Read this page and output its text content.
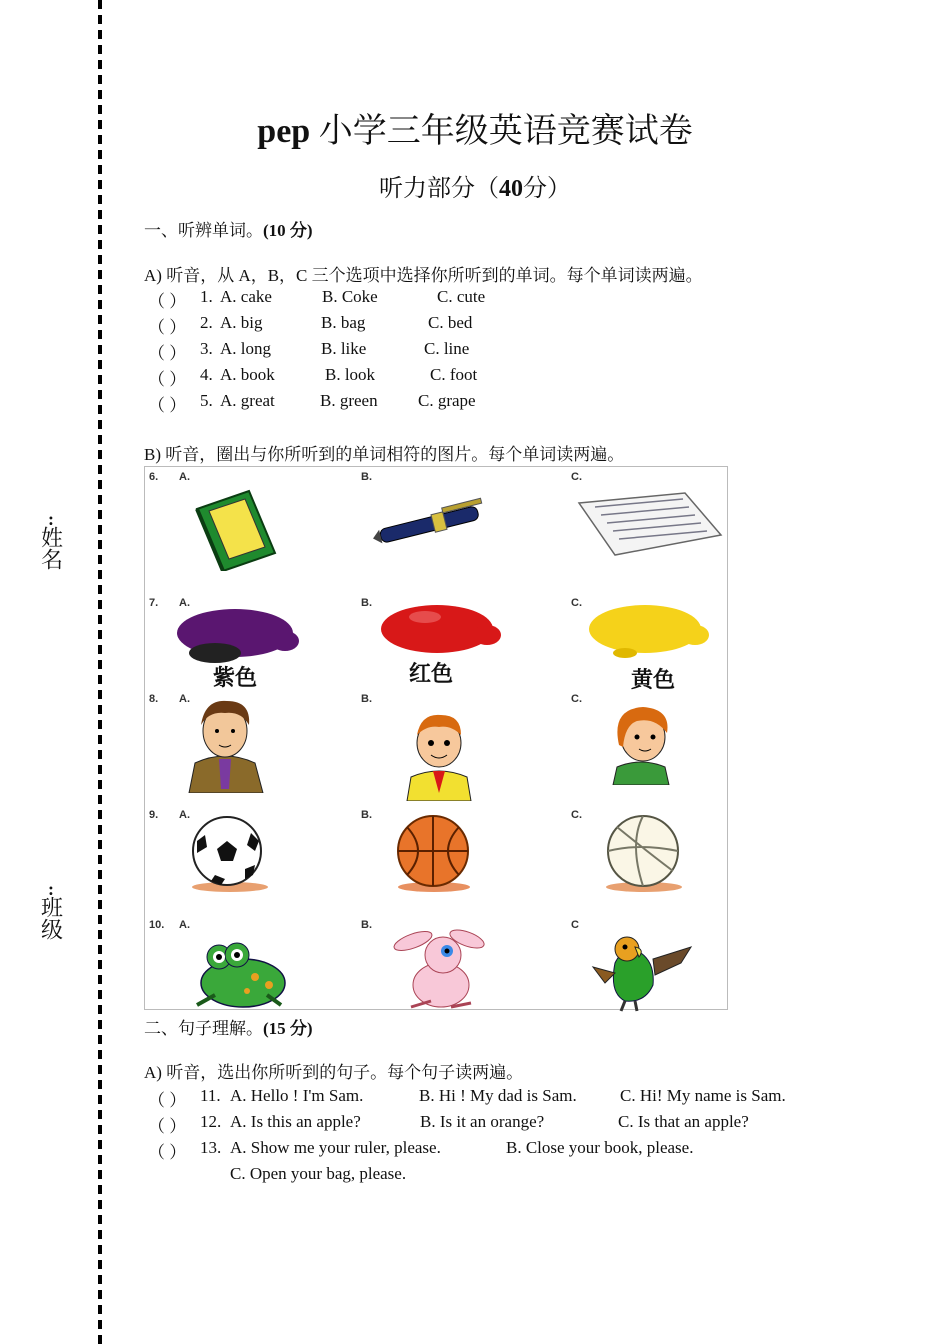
:
姓名
:
班级
pep 小学三年级英语竞赛试卷
听力部分（40分）
一、听辨单词。(10 分)
A) 听音，从 A，B，C 三个选项中选择你所听到的单词。每个单词读两遍。
（ ） 1. A. cake	B. Coke	C. cute
（ ） 2. A. big	B. bag	C. bed
（ ） 3. A. long	B. like	C. line
（ ） 4. A. book	B. look	C. foot
（ ） 5. A. great	B. green C. grape
B) 听音，圈出与你所听到的单词相符的图片。每个单词读两遍。
6. A.	B.	C.
7. A.
紫色
B.
红色
C.
黄色
8. A.	B.	C.
9. A.	B.	C.
10. A.	B.	C
二、句子理解。(15 分)
A) 听音，选出你所听到的句子。每个句子读两遍。
（ ） 11. A. Hello ! I'm Sam.	B. Hi ! My dad is Sam.	C. Hi! My name is Sam.
（ ） 12. A. Is this an apple?	B. Is it an orange?	C. Is that an apple?
（ ） 13. A. Show me your ruler, please.	B. Close your book, please.
C. Open your bag, please.
